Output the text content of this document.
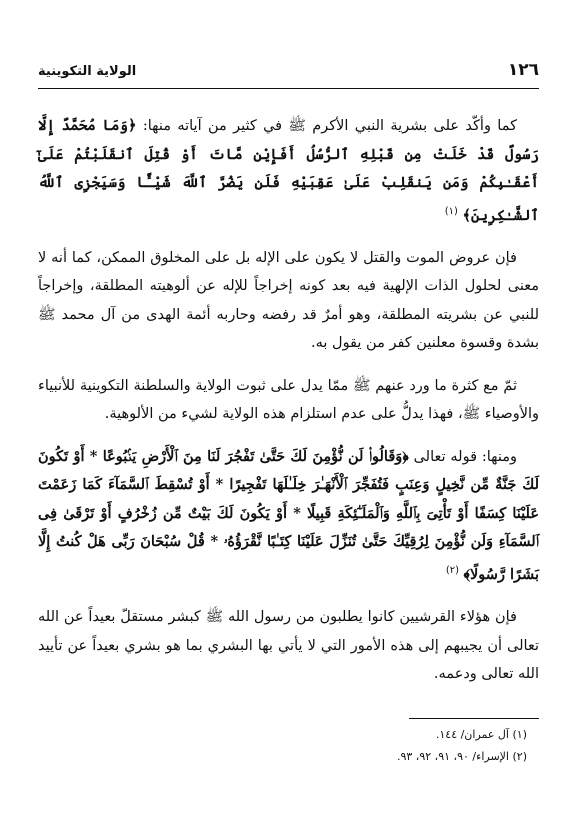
١٢٦
الولاية التكوينية

كما وأكّد على بشرية النبي الأكرم ﷺ في كثير من آياته منها: ﴿وَمَا مُحَمَّدٌ إِلَّا رَسُولٌ قَدْ خَلَتْ مِن قَبْلِهِ ٱلرُّسُلُ أَفَإِيْن مَّاتَ أَوْ قُتِلَ ٱنقَلَبْتُمْ عَلَىٰٓ أَعْقَـٰبِكُمْ وَمَن يَنقَلِبْ عَلَىٰ عَقِبَيْهِ فَلَن يَضُرَّ ٱللَّهَ شَيْـًٔا وَسَيَجْزِى ٱللَّهُ ٱلشَّـٰكِرِينَ﴾ $^{(١)}$

فإن عروض الموت والقتل لا يكون على الإله بل على المخلوق الممكن، كما أنه لا معنى لحلول الذات الإلهية فيه بعد كونه إخراجاً للإله عن ألوهيته المطلقة، وإخراجاً للنبي عن بشريته المطلقة، وهو أمرٌ قد رفضه وحاربه أئمة الهدى من آل محمد ﷺ بشدة وقسوة معلنين كفر من يقول به.

ثمّ مع كثرة ما ورد عنهم ﷺ ممّا يدل على ثبوت الولاية والسلطنة التكوينية للأنبياء والأوصياء ﷺ، فهذا يدلُّ على عدم استلزام هذه الولاية لشيء من الألوهية.

ومنها: قوله تعالى ﴿وَقَالُوا۟ لَن نُّؤْمِنَ لَكَ حَتَّىٰ تَفْجُرَ لَنَا مِنَ ٱلْأَرْضِ يَنۢبُوعًا * أَوْ تَكُونَ لَكَ جَنَّةٌ مِّن نَّخِيلٍ وَعِنَبٍ فَتُفَجِّرَ ٱلْأَنْهَـٰرَ خِلَـٰلَهَا تَفْجِيرًا * أَوْ تُسْقِطَ ٱلسَّمَآءَ كَمَا زَعَمْتَ عَلَيْنَا كِسَفًا أَوْ تَأْتِىَ بِٱللَّهِ وَٱلْمَلَـٰٓئِكَةِ قَبِيلًا * أَوْ يَكُونَ لَكَ بَيْتٌ مِّن زُخْرُفٍ أَوْ تَرْقَىٰ فِى ٱلسَّمَآءِ وَلَن نُّؤْمِنَ لِرُقِيِّكَ حَتَّىٰ تُنَزِّلَ عَلَيْنَا كِتَـٰبًا نَّقْرَؤُهُۥ * قُلْ سُبْحَانَ رَبِّى هَلْ كُنتُ إِلَّا بَشَرًا رَّسُولًا﴾ $^{(٢)}$

فإن هؤلاء القرشيين كانوا يطلبون من رسول الله ﷺ كبشر مستقلّ بعيداً عن الله تعالى أن يجيبهم إلى هذه الأمور التي لا يأتي بها البشري بما هو بشري بعيداً عن تأييد الله تعالى ودعمه.

(١) آل عمران/ ١٤٤.

(٢) الإسراء/ ٩٠، ٩١، ٩٢، ٩٣.
